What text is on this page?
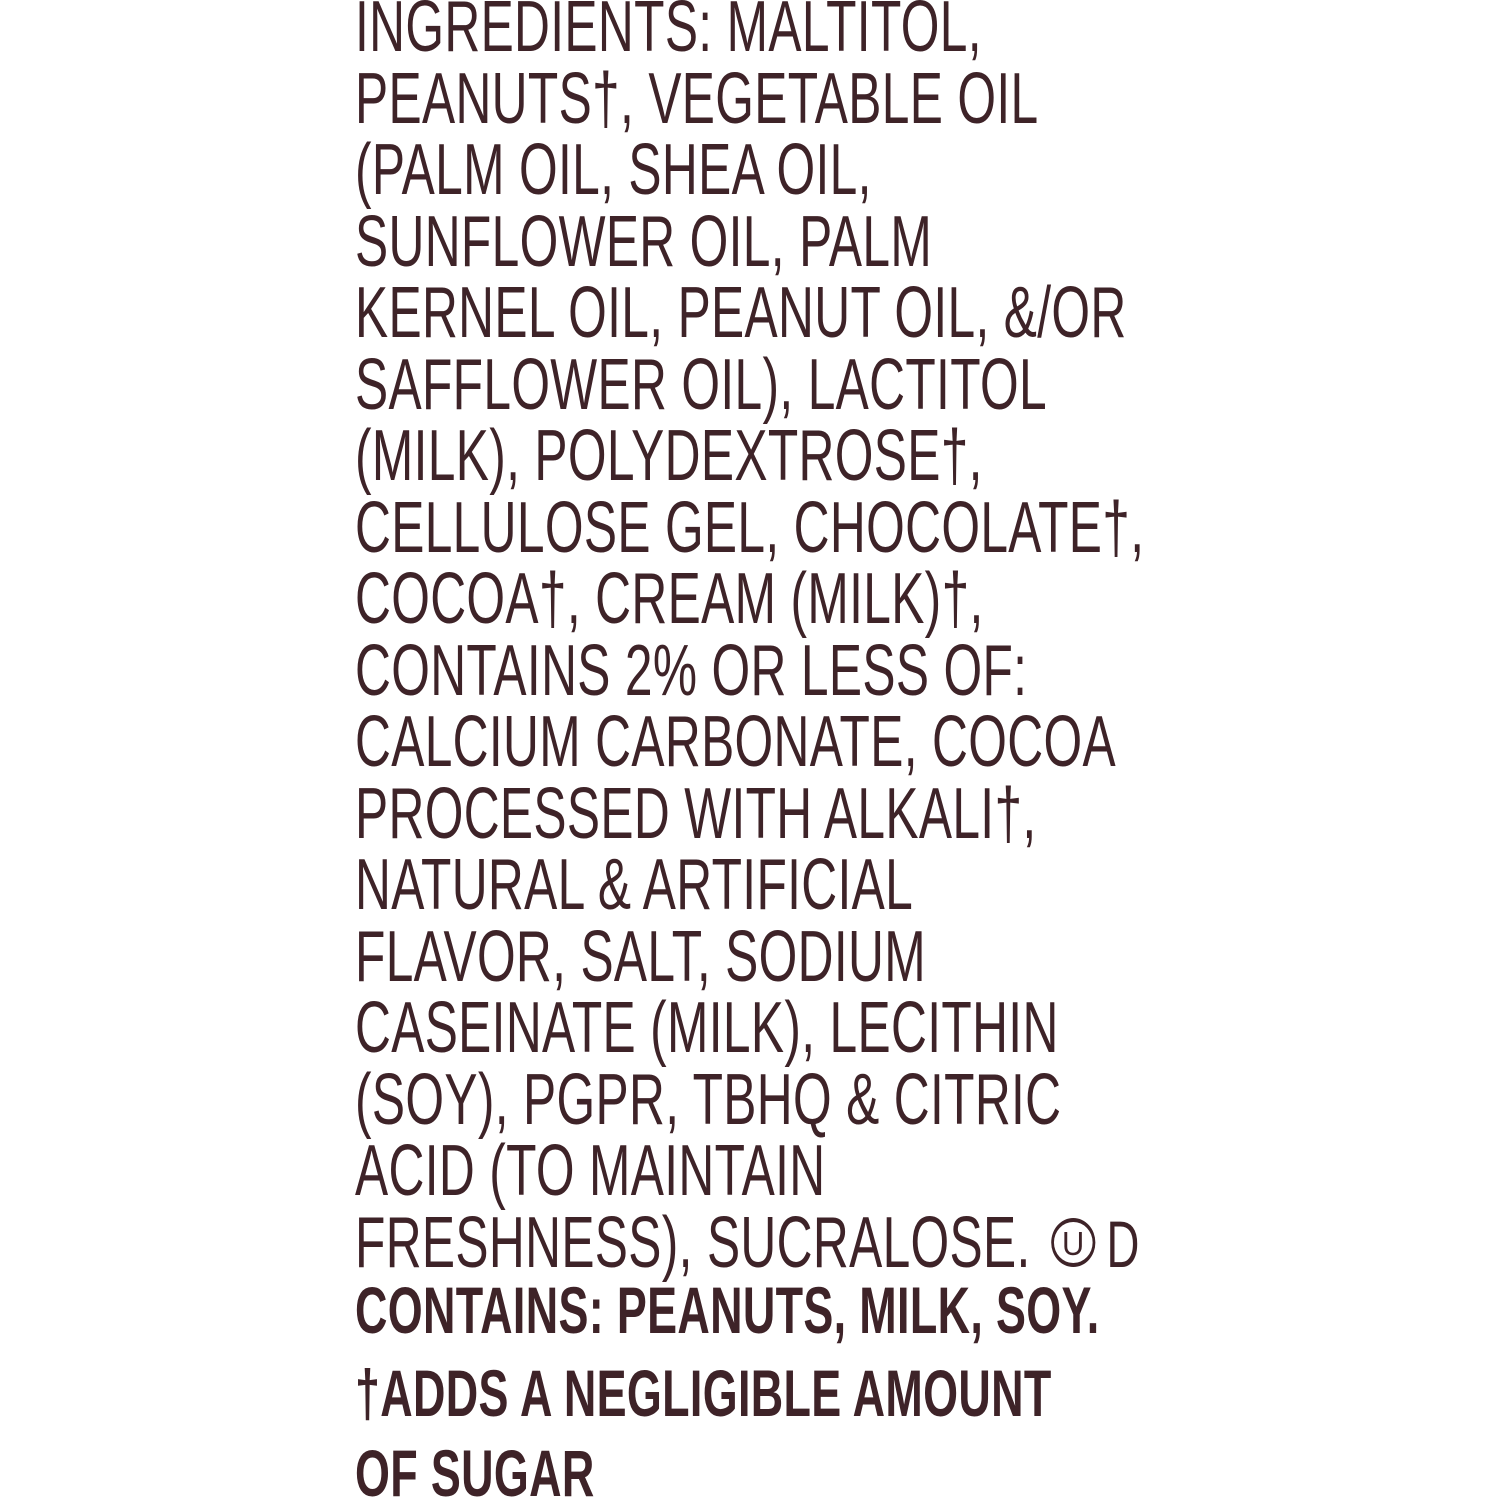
INGREDIENTS: MALTITOL,
PEANUTS†, VEGETABLE OIL
(PALM OIL, SHEA OIL,
SUNFLOWER OIL, PALM
KERNEL OIL, PEANUT OIL, &/OR
SAFFLOWER OIL), LACTITOL
(MILK), POLYDEXTROSE†,
CELLULOSE GEL, CHOCOLATE†,
COCOA†, CREAM (MILK)†,
CONTAINS 2% OR LESS OF:
CALCIUM CARBONATE, COCOA
PROCESSED WITH ALKALI†,
NATURAL & ARTIFICIAL
FLAVOR, SALT, SODIUM
CASEINATE (MILK), LECITHIN
(SOY), PGPR, TBHQ & CITRIC
ACID (TO MAINTAIN
FRESHNESS), SUCRALOSE. U D
CONTAINS: PEANUTS, MILK, SOY.
†ADDS A NEGLIGIBLE AMOUNT
OF SUGAR
